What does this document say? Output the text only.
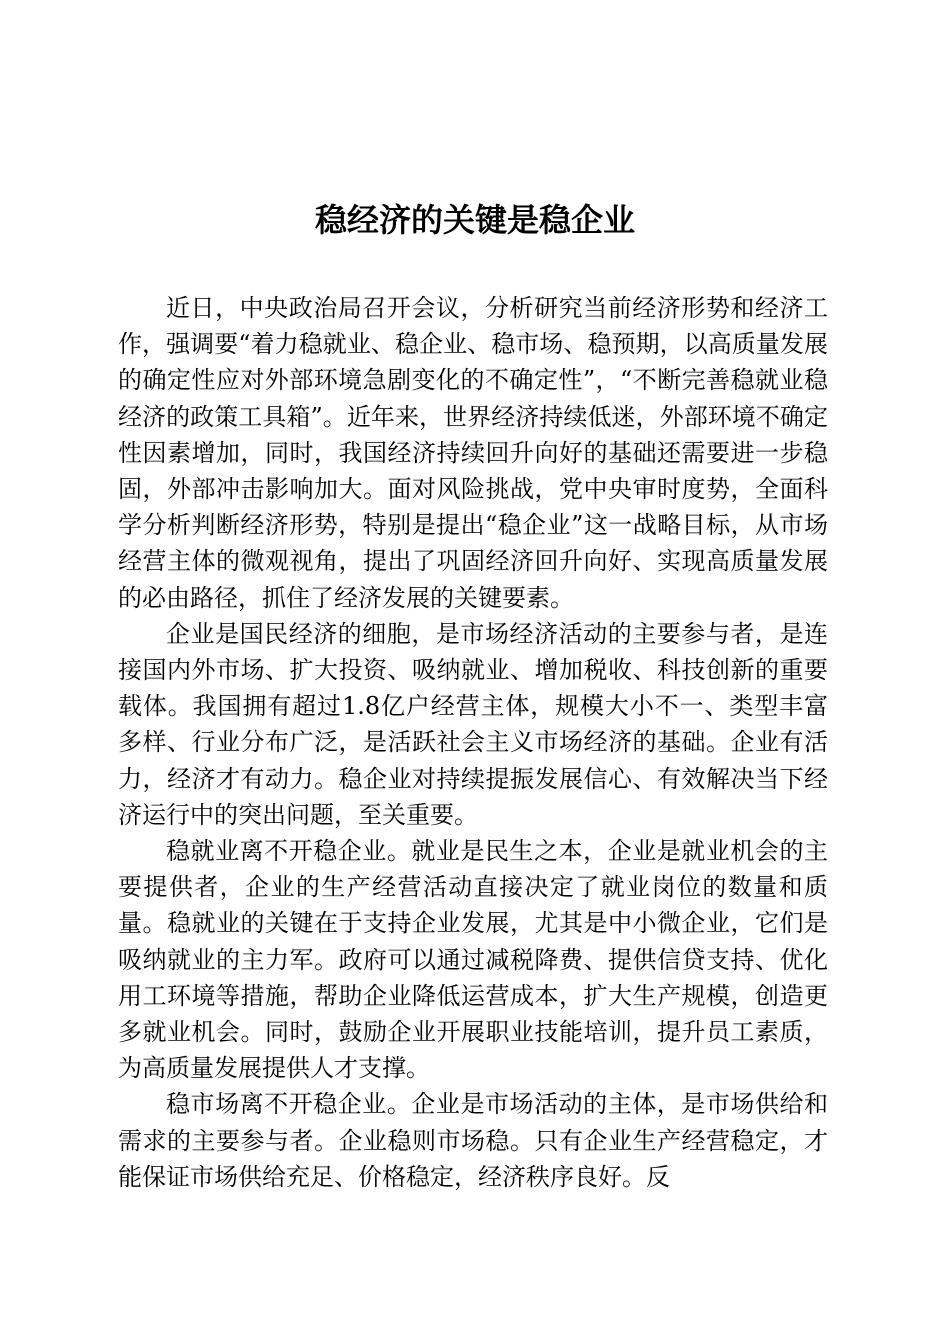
稳经济的关键是稳企业

近日，中央政治局召开会议，分析研究当前经济形势和经济工作，强调要“着力稳就业、稳企业、稳市场、稳预期，以高质量发展的确定性应对外部环境急剧变化的不确定性”，“不断完善稳就业稳经济的政策工具箱”。近年来，世界经济持续低迷，外部环境不确定性因素增加，同时，我国经济持续回升向好的基础还需要进一步稳固，外部冲击影响加大。面对风险挑战，党中央审时度势，全面科学分析判断经济形势，特别是提出“稳企业”这一战略目标，从市场经营主体的微观视角，提出了巩固经济回升向好、实现高质量发展的必由路径，抓住了经济发展的关键要素。

企业是国民经济的细胞，是市场经济活动的主要参与者，是连接国内外市场、扩大投资、吸纳就业、增加税收、科技创新的重要载体。我国拥有超过1.8亿户经营主体，规模大小不一、类型丰富多样、行业分布广泛，是活跃社会主义市场经济的基础。企业有活力，经济才有动力。稳企业对持续提振发展信心、有效解决当下经济运行中的突出问题，至关重要。

稳就业离不开稳企业。就业是民生之本，企业是就业机会的主要提供者，企业的生产经营活动直接决定了就业岗位的数量和质量。稳就业的关键在于支持企业发展，尤其是中小微企业，它们是吸纳就业的主力军。政府可以通过减税降费、提供信贷支持、优化用工环境等措施，帮助企业降低运营成本，扩大生产规模，创造更多就业机会。同时，鼓励企业开展职业技能培训，提升员工素质，为高质量发展提供人才支撑。

稳市场离不开稳企业。企业是市场活动的主体，是市场供给和需求的主要参与者。企业稳则市场稳。只有企业生产经营稳定，才能保证市场供给充足、价格稳定，经济秩序良好。反
